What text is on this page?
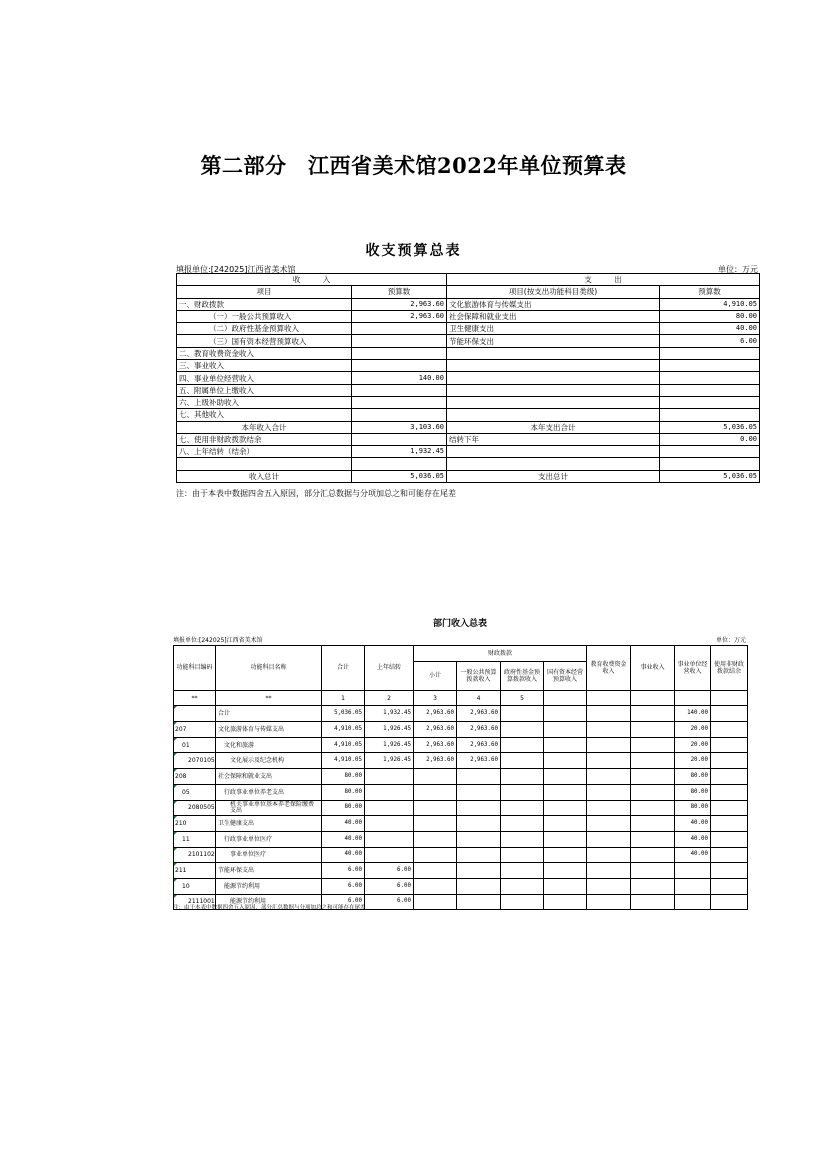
第二部分　江西省美术馆2022年单位预算表
收支预算总表
填报单位:[242025]江西省美术馆	单位：万元
收　　　入		支　　　出	
项目	预算数	项目(按支出功能科目类级)	预算数
一、财政拨款	2,963.60	文化旅游体育与传媒支出	4,910.05
（一）一般公共预算收入	2,963.60	社会保障和就业支出	80.00
（二）政府性基金预算收入		卫生健康支出	40.00
（三）国有资本经营预算收入		节能环保支出	6.00
二、教育收费资金收入			
三、事业收入			
四、事业单位经营收入	140.00		
五、附属单位上缴收入			
六、上级补助收入			
七、其他收入			
本年收入合计	3,103.60	本年支出合计	5,036.05
七、使用非财政拨款结余		结转下年	0.00
八、上年结转（结余）	1,932.45		

收入总计	5,036.05	支出总计	5,036.05
注：由于本表中数据四舍五入原因，部分汇总数据与分项加总之和可能存在尾差
部门收入总表
填报单位:[242025]江西省美术馆	单位：万元
功能科目编码	功能科目名称	合计	上年结转	财政拨款				教育收费资金收入	事业收入	事业单位经营收入	使用非财政拨款结余
				小计	一般公共预算拨款收入	政府性基金预算拨款收入	国有资本经营预算收入				
**	**	1	2	3	4	5					
	合计	5,036.05	1,932.45	2,963.60	2,963.60					140.00	
207	文化旅游体育与传媒支出	4,910.05	1,926.45	2,963.60	2,963.60					20.00	
01	文化和旅游	4,910.05	1,926.45	2,963.60	2,963.60					20.00	
2070105	文化展示及纪念机构	4,910.05	1,926.45	2,963.60	2,963.60					20.00	
208	社会保障和就业支出	80.00								80.00	
05	行政事业单位养老支出	80.00								80.00	
2080505	机关事业单位基本养老保险缴费支出	80.00								80.00	
210	卫生健康支出	40.00								40.00	
11	行政事业单位医疗	40.00								40.00	
2101102	事业单位医疗	40.00								40.00	
211	节能环保支出	6.00	6.00								
10	能源节约利用	6.00	6.00								
2111001	能源节约利用	6.00	6.00								
注：由于本表中数据四舍五入原因，部分汇总数据与分项加总之和可能存在尾差
